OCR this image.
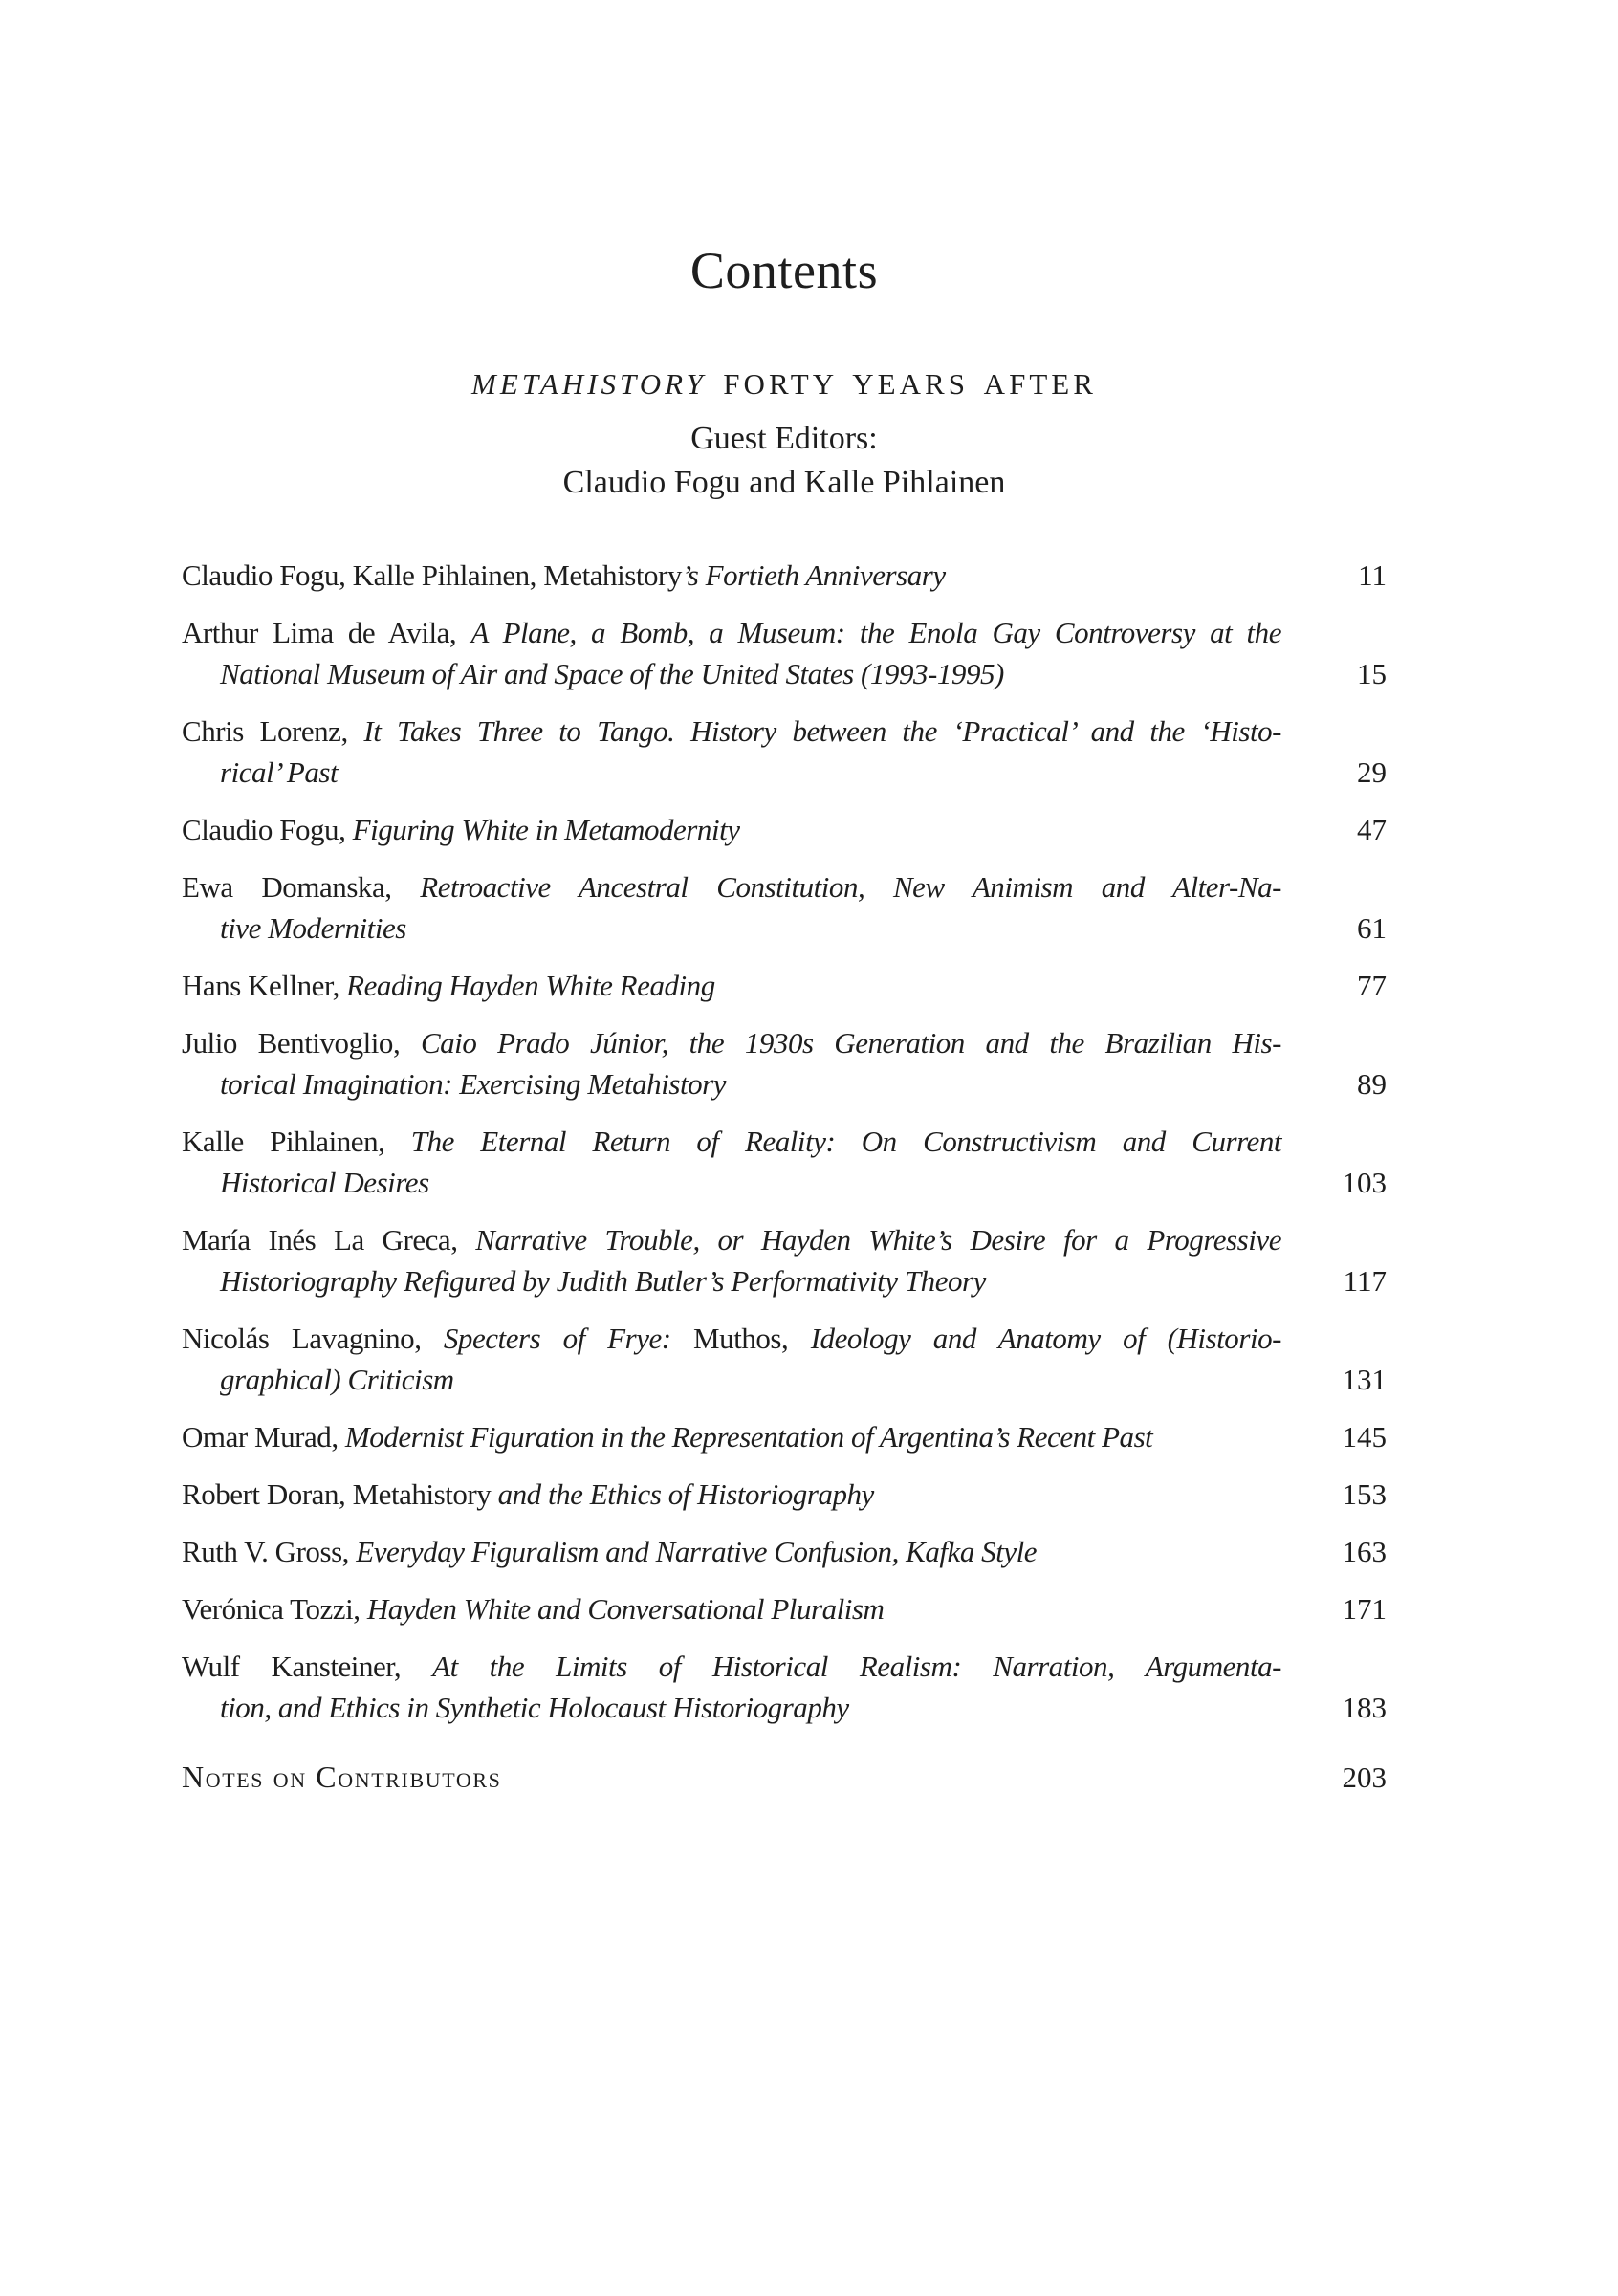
Contents
METAHISTORY FORTY YEARS AFTER
Guest Editors:
Claudio Fogu and Kalle Pihlainen
Claudio Fogu, Kalle Pihlainen, Metahistory’s Fortieth Anniversary	11
Arthur Lima de Avila, A Plane, a Bomb, a Museum: the Enola Gay Controversy at the
National Museum of Air and Space of the United States (1993-1995)	15
Chris Lorenz, It Takes Three to Tango. History between the ‘Practical’ and the ‘Histo-
rical’ Past	29
Claudio Fogu, Figuring White in Metamodernity	47
Ewa Domanska, Retroactive Ancestral Constitution, New Animism and Alter-Na-
tive Modernities	61
Hans Kellner, Reading Hayden White Reading	77
Julio Bentivoglio, Caio Prado Júnior, the 1930s Generation and the Brazilian His-
torical Imagination: Exercising Metahistory	89
Kalle Pihlainen, The Eternal Return of Reality: On Constructivism and Current
Historical Desires	103
María Inés La Greca, Narrative Trouble, or Hayden White’s Desire for a Progressive
Historiography Refigured by Judith Butler’s Performativity Theory	117
Nicolás Lavagnino, Specters of Frye: Muthos, Ideology and Anatomy of (Historio-
graphical) Criticism	131
Omar Murad, Modernist Figuration in the Representation of Argentina’s Recent Past	145
Robert Doran, Metahistory and the Ethics of Historiography	153
Ruth V. Gross, Everyday Figuralism and Narrative Confusion, Kafka Style	163
Verónica Tozzi, Hayden White and Conversational Pluralism	171
Wulf Kansteiner, At the Limits of Historical Realism: Narration, Argumenta-
tion, and Ethics in Synthetic Holocaust Historiography	183
Notes on Contributors	203
